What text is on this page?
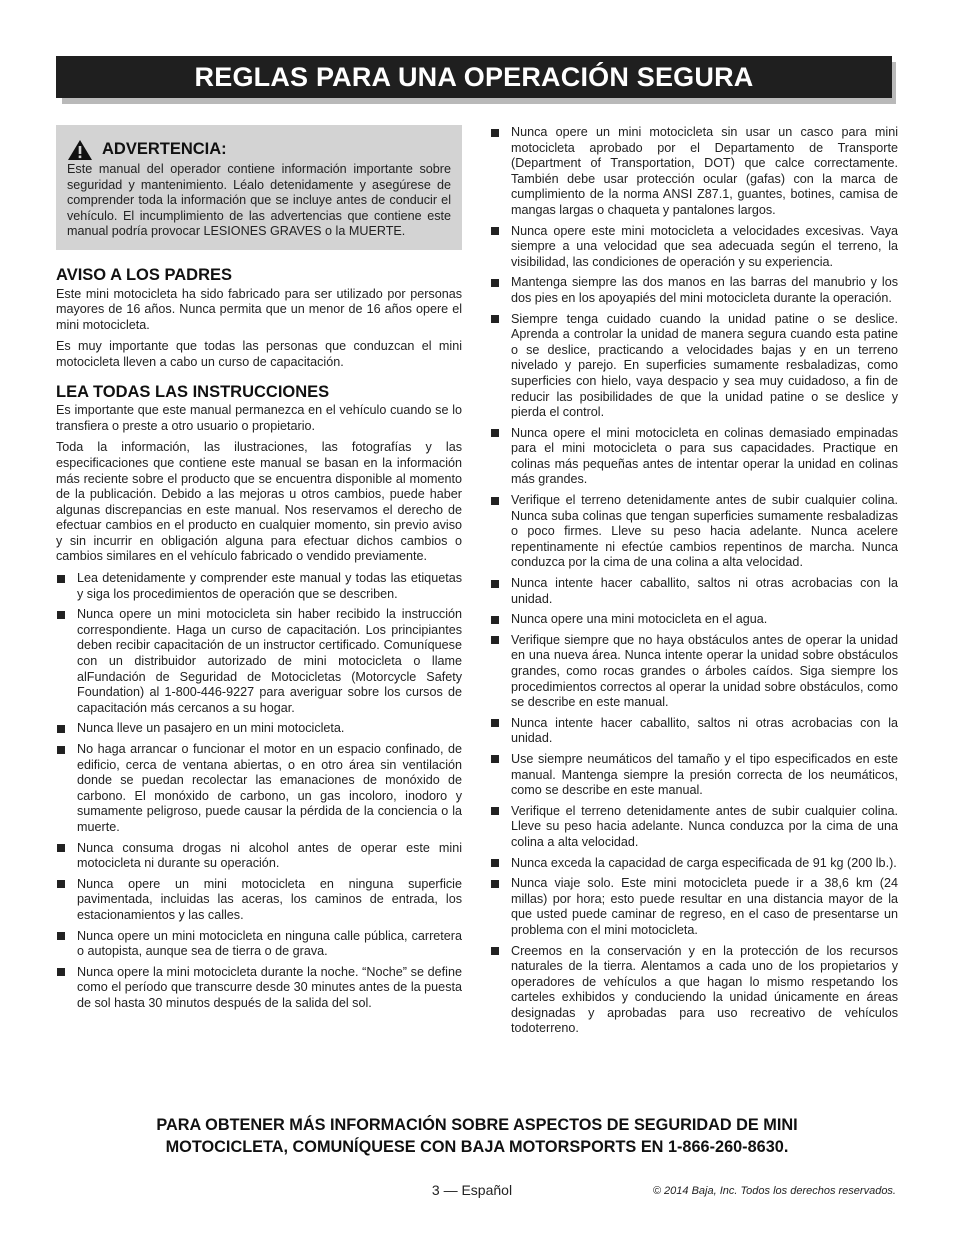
REGLAS PARA UNA OPERACIÓN SEGURA
ADVERTENCIA:

Este manual del operador contiene información importante sobre seguridad y mantenimiento. Léalo detenidamente y asegúrese de comprender toda la información que se incluye antes de conducir el vehículo. El incumplimiento de las advertencias que contiene este manual podría provocar LESIONES GRAVES o la MUERTE.

AVISO A LOS PADRES

Este mini motocicleta ha sido fabricado para ser utilizado por personas mayores de 16 años. Nunca permita que un menor de 16 años opere el mini motocicleta.

Es muy importante que todas las personas que conduzcan el mini motocicleta lleven a cabo un curso de capacitación.

LEA TODAS LAS INSTRUCCIONES

Es importante que este manual permanezca en el vehículo cuando se lo transfiera o preste a otro usuario o propietario.

Toda la información, las ilustraciones, las fotografías y las especificaciones que contiene este manual se basan en la información más reciente sobre el producto que se encuentra disponible al momento de la publicación. Debido a las mejoras u otros cambios, puede haber algunas discrepancias en este manual. Nos reservamos el derecho de efectuar cambios en el producto en cualquier momento, sin previo aviso y sin incurrir en obligación alguna para efectuar dichos cambios o cambios similares en el vehículo fabricado o vendido previamente.

Lea detenidamente y comprender este manual y todas las etiquetas y siga los procedimientos de operación que se describen.
Nunca opere un mini motocicleta sin haber recibido la instrucción correspondiente. Haga un curso de capacitación. Los principiantes deben recibir capacitación de un instructor certificado. Comuníquese con un distribuidor autorizado de mini motocicleta o llame alFundación de Seguridad de Motocicletas (Motorcycle Safety Foundation) al 1-800-446-9227 para averiguar sobre los cursos de capacitación más cercanos a su hogar.
Nunca lleve un pasajero en un mini motocicleta.
No haga arrancar o funcionar el motor en un espacio confinado, de edificio, cerca de ventana abiertas, o en otro área sin ventilación donde se puedan recolectar las emanaciones de monóxido de carbono. El monóxido de carbono, un gas incoloro, inodoro y sumamente peligroso, puede causar la pérdida de la conciencia o la muerte.
Nunca consuma drogas ni alcohol antes de operar este mini motocicleta ni durante su operación.
Nunca opere un mini motocicleta en ninguna superficie pavimentada, incluidas las aceras, los caminos de entrada, los estacionamientos y las calles.
Nunca opere un mini motocicleta en ninguna calle pública, carretera o autopista, aunque sea de tierra o de grava.
Nunca opere la mini motocicleta durante la noche. “Noche” se define como el período que transcurre desde 30 minutes antes de la puesta de sol hasta 30 minutos después de la salida del sol.
Nunca opere un mini motocicleta sin usar un casco para mini motocicleta aprobado por el Departamento de Transporte (Department of Transportation, DOT) que calce correctamente. También debe usar protección ocular (gafas) con la marca de cumplimiento de la norma ANSI Z87.1, guantes, botines, camisa de mangas largas o chaqueta y pantalones largos.
Nunca opere este mini motocicleta a velocidades excesivas. Vaya siempre a una velocidad que sea adecuada según el terreno, la visibilidad, las condiciones de operación y su experiencia.
Mantenga siempre las dos manos en las barras del manubrio y los dos pies en los apoyapiés del mini motocicleta durante la operación.
Siempre tenga cuidado cuando la unidad patine o se deslice. Aprenda a controlar la unidad de manera segura cuando esta patine o se deslice, practicando a velocidades bajas y en un terreno nivelado y parejo. En superficies sumamente resbaladizas, como superficies con hielo, vaya despacio y sea muy cuidadoso, a fin de reducir las posibilidades de que la unidad patine o se deslice y pierda el control.
Nunca opere el mini motocicleta en colinas demasiado empinadas para el mini motocicleta o para sus capacidades. Practique en colinas más pequeñas antes de intentar operar la unidad en colinas más grandes.
Verifique el terreno detenidamente antes de subir cualquier colina. Nunca suba colinas que tengan superficies sumamente resbaladizas o poco firmes. Lleve su peso hacia adelante. Nunca acelere repentinamente ni efectúe cambios repentinos de marcha. Nunca conduzca por la cima de una colina a alta velocidad.
Nunca intente hacer caballito, saltos ni otras acrobacias con la unidad.
Nunca opere una mini motocicleta en el agua.
Verifique siempre que no haya obstáculos antes de operar la unidad en una nueva área. Nunca intente operar la unidad sobre obstáculos grandes, como rocas grandes o árboles caídos. Siga siempre los procedimientos correctos al operar la unidad sobre obstáculos, como se describe en este manual.
Nunca intente hacer caballito, saltos ni otras acrobacias con la unidad.
Use siempre neumáticos del tamaño y el tipo especificados en este manual. Mantenga siempre la presión correcta de los neumáticos, como se describe en este manual.
Verifique el terreno detenidamente antes de subir cualquier colina. Lleve su peso hacia adelante. Nunca conduzca por la cima de una colina a alta velocidad.
Nunca exceda la capacidad de carga especificada de 91 kg (200 lb.).
Nunca viaje solo. Este mini motocicleta puede ir a 38,6 km (24 millas) por hora; esto puede resultar en una distancia mayor de la que usted puede caminar de regreso, en el caso de presentarse un problema con el mini motocicleta.
Creemos en la conservación y en la protección de los recursos naturales de la tierra. Alentamos a cada uno de los propietarios y operadores de vehículos a que hagan lo mismo respetando los carteles exhibidos y conduciendo la unidad únicamente en áreas designadas y aprobadas para uso recreativo de vehículos todoterreno.
PARA OBTENER MÁS INFORMACIÓN SOBRE ASPECTOS DE SEGURIDAD DE MINI
MOTOCICLETA, COMUNÍQUESE CON BAJA MOTORSPORTS EN 1-866-260-8630.
3 — Español	© 2014 Baja, Inc. Todos los derechos reservados.
